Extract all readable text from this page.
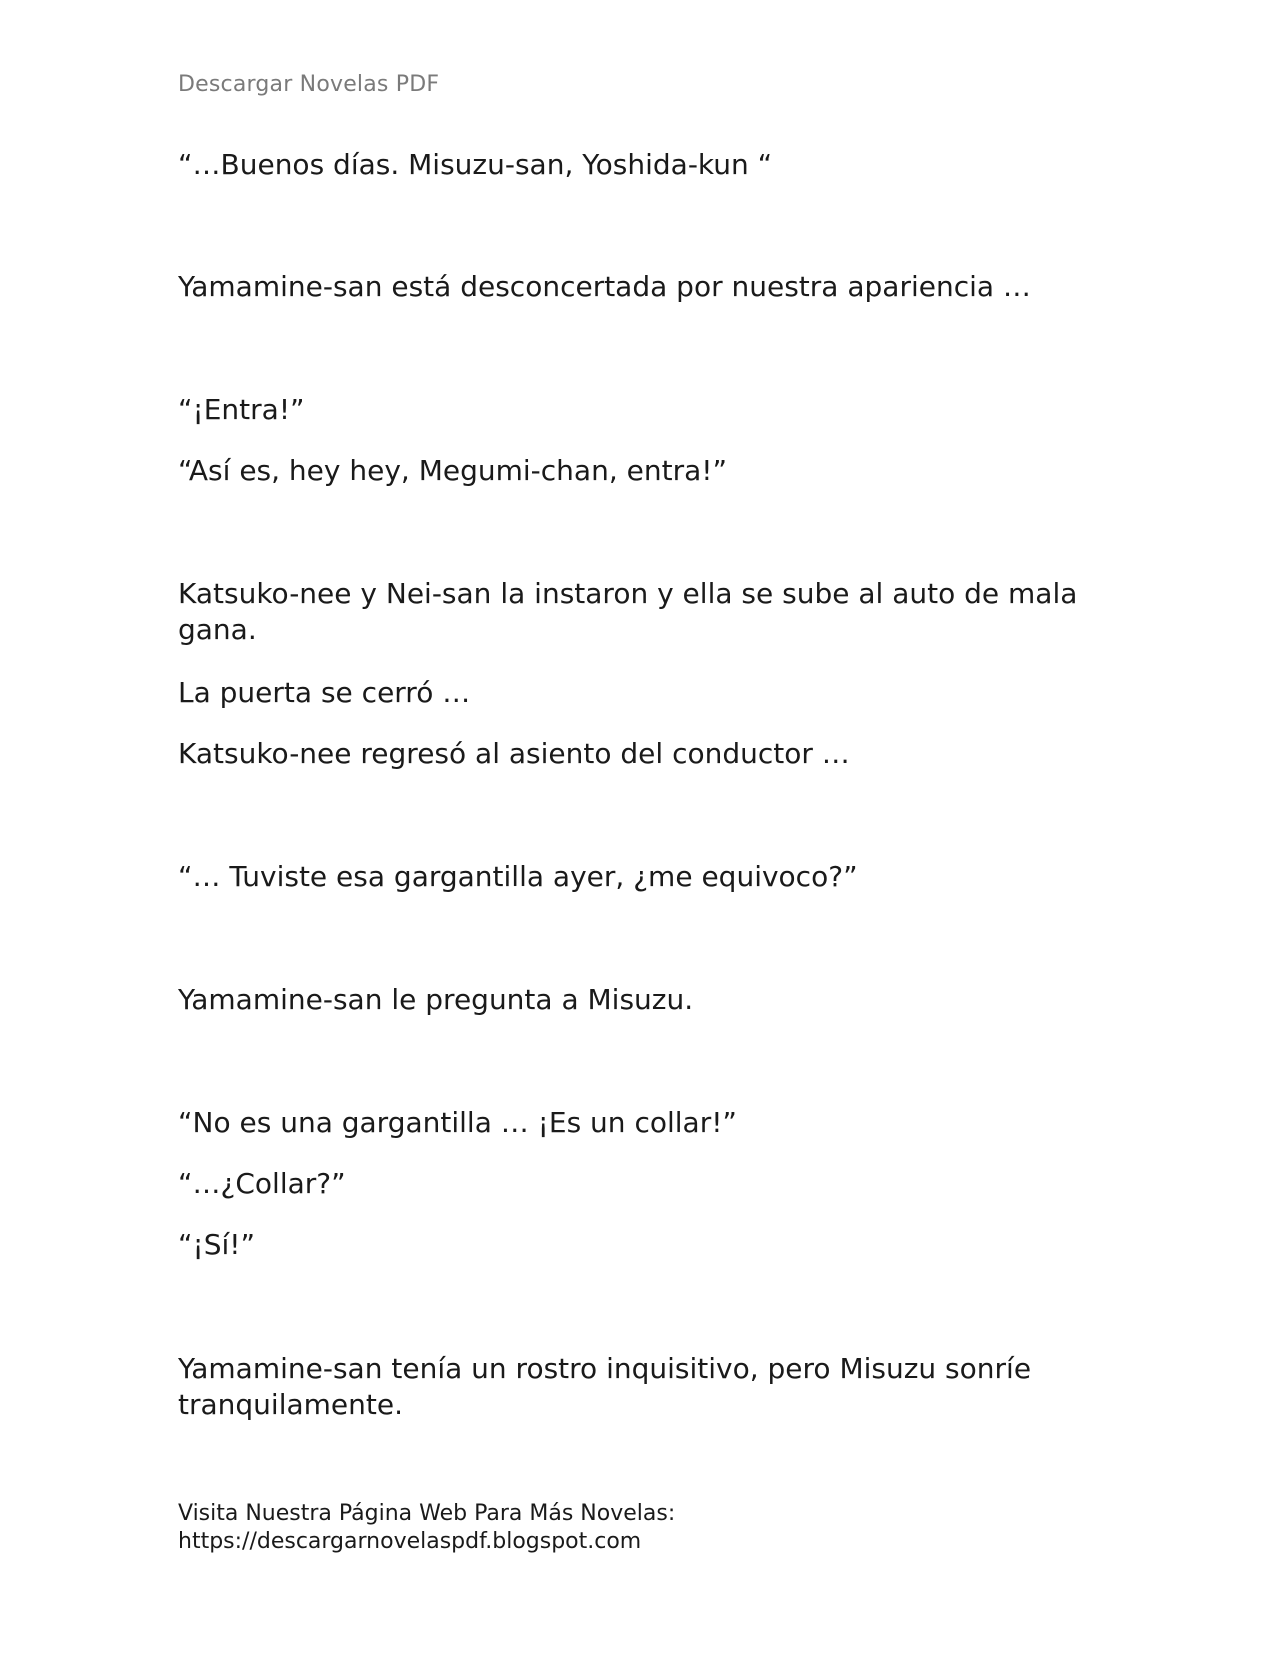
Descargar Novelas PDF

“…Buenos días. Misuzu-san, Yoshida-kun “

Yamamine-san está desconcertada por nuestra apariencia …

“¡Entra!”

“Así es, hey hey, Megumi-chan, entra!”

Katsuko-nee y Nei-san la instaron y ella se sube al auto de mala gana.

La puerta se cerró …

Katsuko-nee regresó al asiento del conductor …

“… Tuviste esa gargantilla ayer, ¿me equivoco?”

Yamamine-san le pregunta a Misuzu.

“No es una gargantilla … ¡Es un collar!”

“…¿Collar?”

“¡Sí!”

Yamamine-san tenía un rostro inquisitivo, pero Misuzu sonríe tranquilamente.

Visita Nuestra Página Web Para Más Novelas:
https://descargarnovelaspdf.blogspot.com
